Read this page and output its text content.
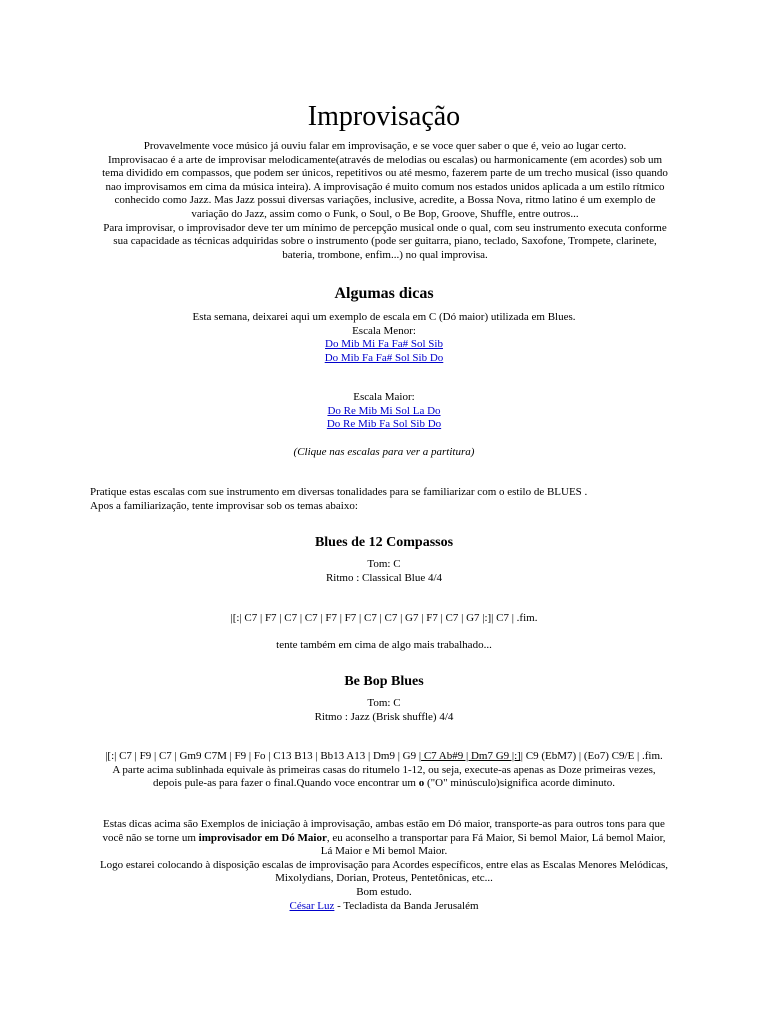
Improvisação
Provavelmente voce músico já ouviu falar em improvisação, e se voce quer saber o que é, veio ao lugar certo.
Improvisacao é a arte de improvisar melodicamente(através de melodias ou escalas) ou harmonicamente (em acordes) sob um
tema dividido em compassos, que podem ser únicos, repetitivos ou até mesmo, fazerem parte de um trecho musical (isso quando
nao improvisamos em cima da música inteira). A improvisação é muito comum nos estados unidos aplicada a um estilo rítmico
conhecido como Jazz. Mas Jazz possui diversas variações, inclusive, acredite, a Bossa Nova, ritmo latino é um exemplo de
variação do Jazz, assim como o Funk, o Soul, o Be Bop, Groove, Shuffle, entre outros...
Para improvisar, o improvisador deve ter um mínimo de percepção musical onde o qual, com seu instrumento executa conforme
sua capacidade as técnicas adquiridas sobre o instrumento (pode ser guitarra, piano, teclado, Saxofone, Trompete, clarinete,
bateria, trombone, enfim...) no qual improvisa.
Algumas dicas
Esta semana, deixarei aqui um exemplo de escala em C (Dó maior) utilizada em Blues.
Escala Menor:
Do Mib Mi Fa Fa# Sol Sib
Do Mib Fa Fa# Sol Sib Do
Escala Maior:
Do Re Mib Mi Sol La Do
Do Re Mib Fa Sol Sib Do
(Clique nas escalas para ver a partitura)
Pratique estas escalas com sue instrumento em diversas tonalidades para se familiarizar com o estilo de BLUES .
Apos a familiarização, tente improvisar sob os temas abaixo:
Blues de 12 Compassos
Tom: C
Ritmo : Classical Blue 4/4
|[:| C7 | F7 | C7 | C7 | F7 | F7 | C7 | C7 | G7 | F7 | C7 | G7 |:]| C7 | .fim.
tente também em cima de algo mais trabalhado...
Be Bop Blues
Tom: C
Ritmo : Jazz (Brisk shuffle) 4/4
|[:| C7 | F9 | C7 | Gm9 C7M | F9 | Fo | C13 B13 | Bb13 A13 | Dm9 | G9 | C7 Ab#9 | Dm7 G9 |:]| C9 (EbM7) | (Eo7) C9/E | .fim.
A parte acima sublinhada equivale às primeiras casas do ritumelo 1-12, ou seja, execute-as apenas as Doze primeiras vezes,
depois pule-as para fazer o final.Quando voce encontrar um o ("O" minúsculo)significa acorde diminuto.
Estas dicas acima são Exemplos de iniciação à improvisação, ambas estão em Dó maior, transporte-as para outros tons para que
você não se torne um improvisador em Dó Maior, eu aconselho a transportar para Fá Maior, Si bemol Maior, Lá bemol Maior,
Lá Maior e Mi bemol Maior.
Logo estarei colocando à disposição escalas de improvisação para Acordes específicos, entre elas as Escalas Menores Melódicas,
Mixolydians, Dorian, Proteus, Pentetônicas, etc...
Bom estudo.
César Luz - Tecladista da Banda Jerusalém
